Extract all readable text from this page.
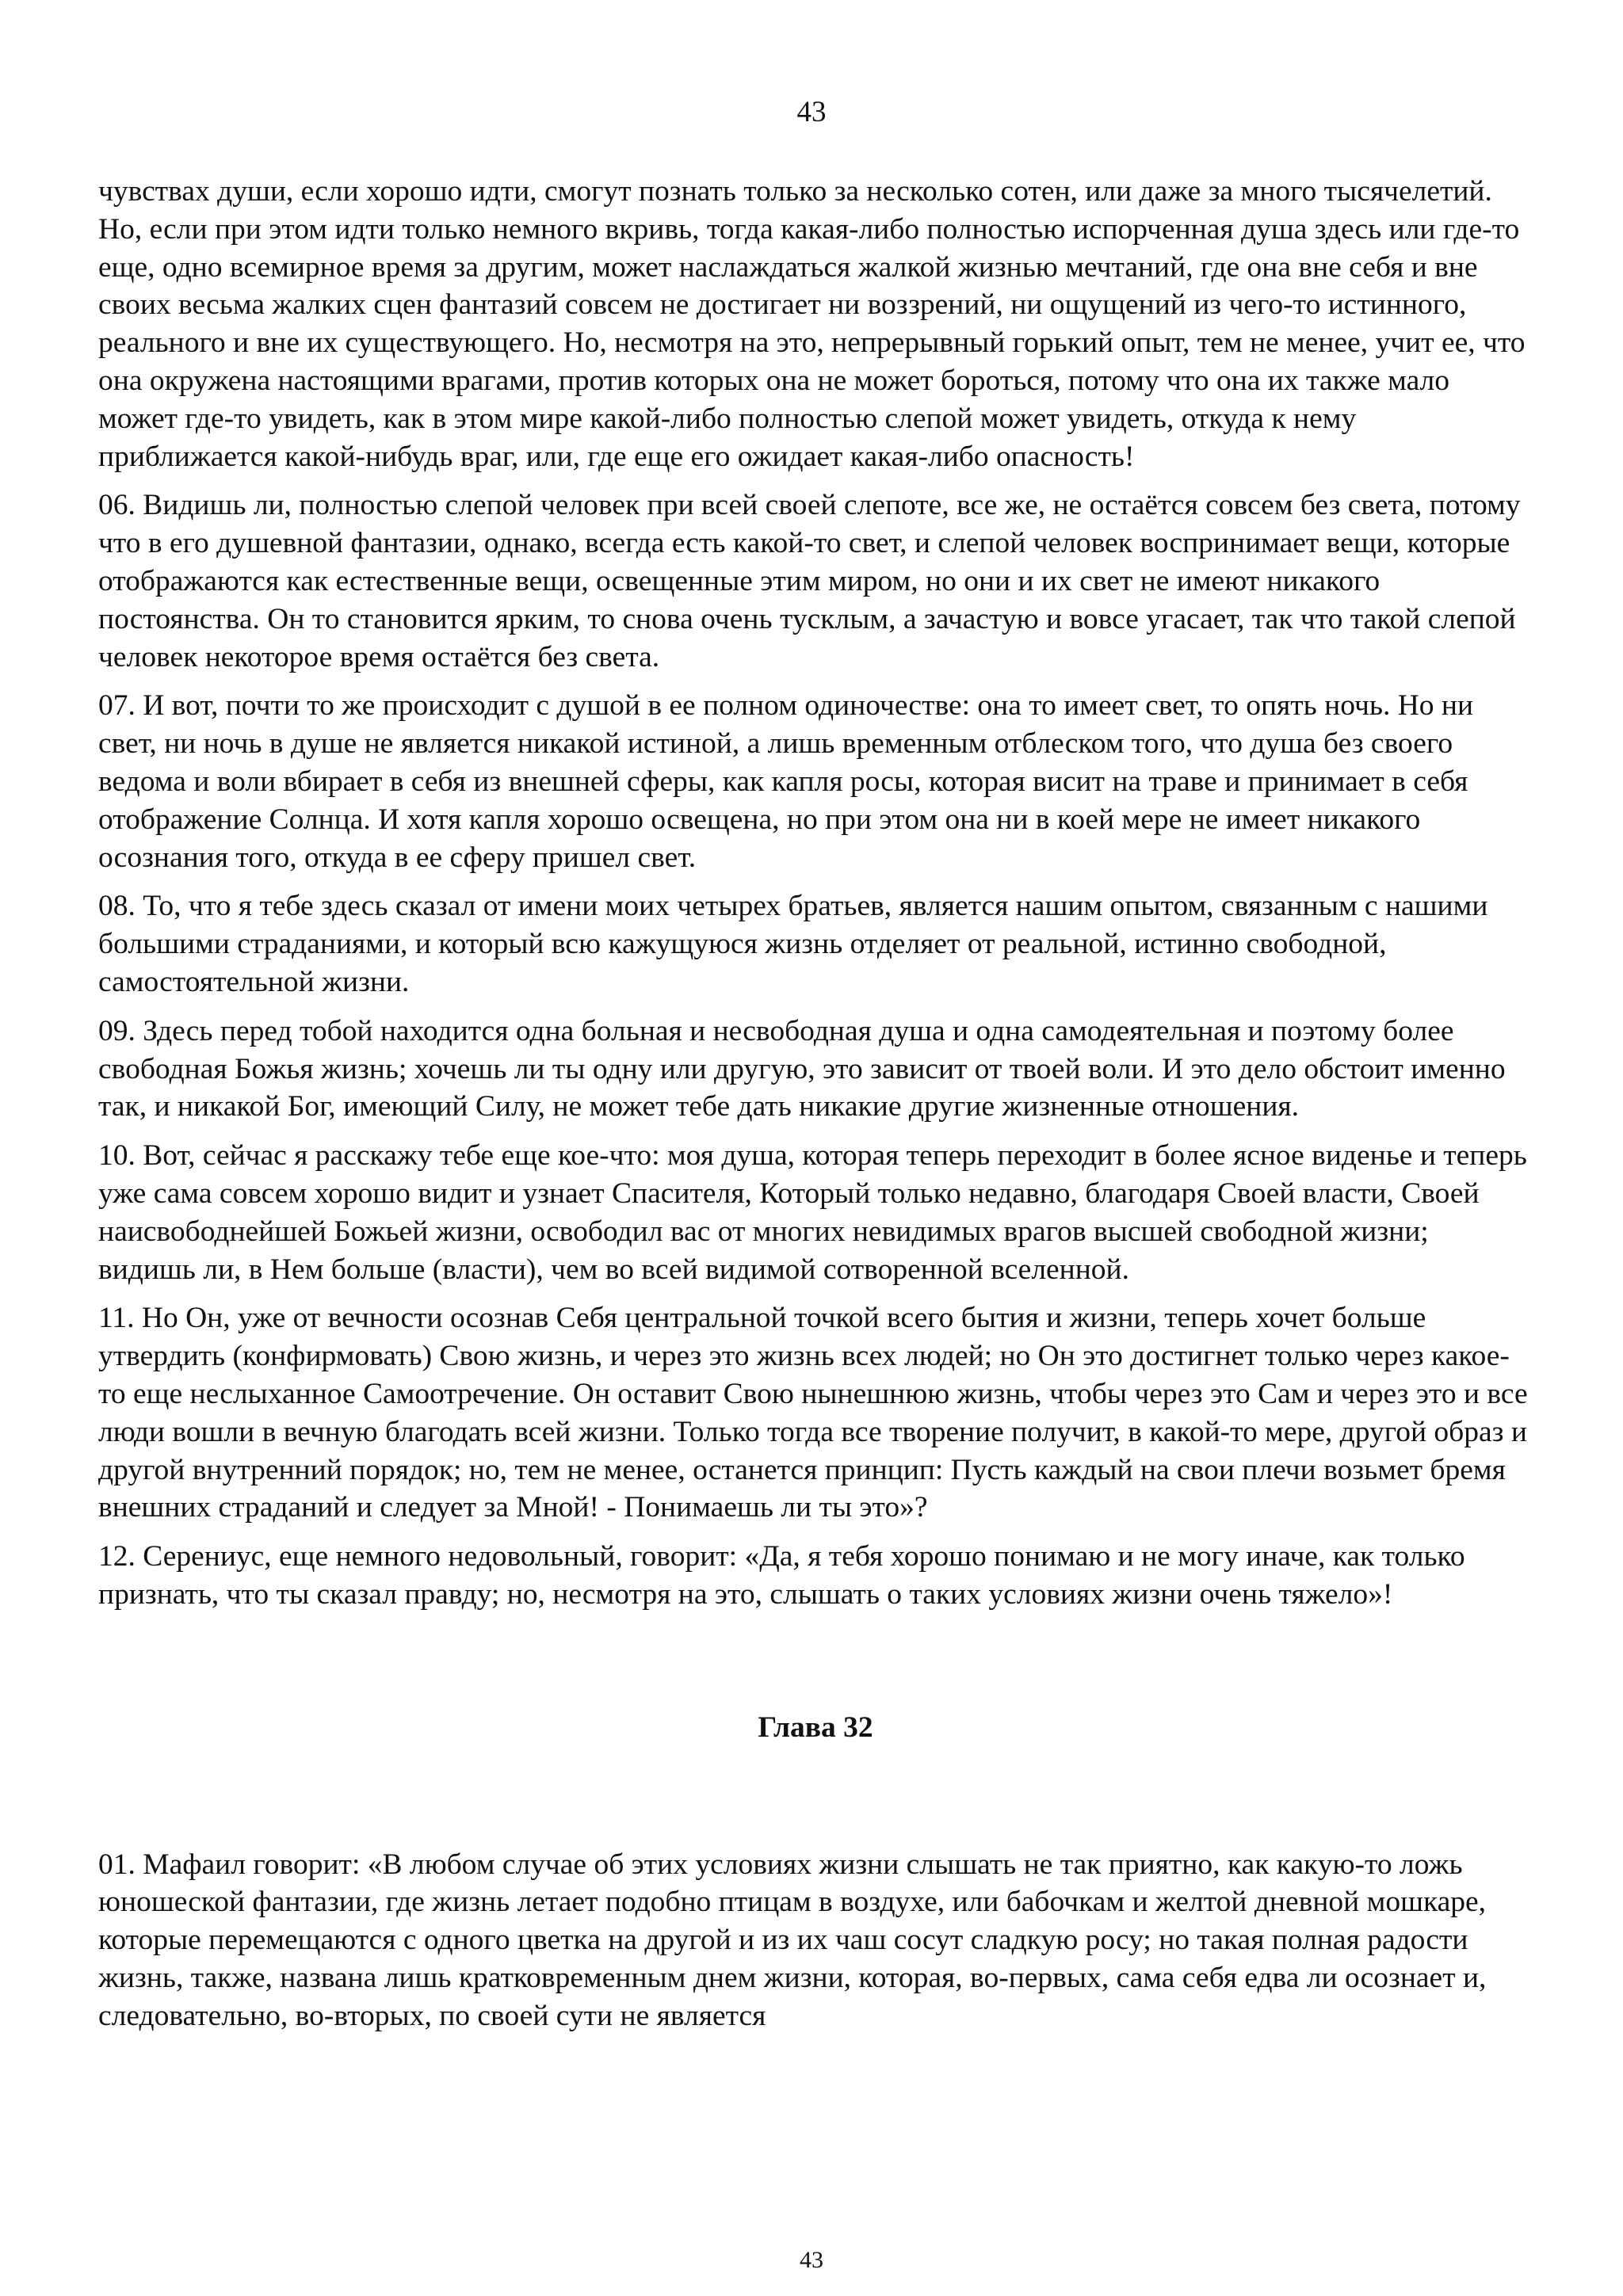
43

чувствах души, если хорошо идти, смогут познать только за несколько сотен, или даже за много тысячелетий. Но, если при этом идти только немного вкривь, тогда какая-либо полностью испорченная душа здесь или где-то еще, одно всемирное время за другим, может наслаждаться жалкой жизнью мечтаний, где она вне себя и вне своих весьма жалких сцен фантазий совсем не достигает ни воззрений, ни ощущений из чего-то истинного, реального и вне их существующего. Но, несмотря на это, непрерывный горький опыт, тем не менее, учит ее, что она окружена настоящими врагами, против которых она не может бороться, потому что она их также мало может где-то увидеть, как в этом мире какой-либо полностью слепой может увидеть, откуда к нему приближается какой-нибудь враг, или, где еще его ожидает какая-либо опасность!

06. Видишь ли, полностью слепой человек при всей своей слепоте, все же, не остаётся совсем без света, потому что в его душевной фантазии, однако, всегда есть какой-то свет, и слепой человек воспринимает вещи, которые отображаются как естественные вещи, освещенные этим миром, но они и их свет не имеют никакого постоянства. Он то становится ярким, то снова очень тусклым, а зачастую и вовсе угасает, так что такой слепой человек некоторое время остаётся без света.

07. И вот, почти то же происходит с душой в ее полном одиночестве: она то имеет свет, то опять ночь. Но ни свет, ни ночь в душе не является никакой истиной, а лишь временным отблеском того, что душа без своего ведома и воли вбирает в себя из внешней сферы, как капля росы, которая висит на траве и принимает в себя отображение Солнца. И хотя капля хорошо освещена, но при этом она ни в коей мере не имеет никакого осознания того, откуда в ее сферу пришел свет.

08. То, что я тебе здесь сказал от имени моих четырех братьев, является нашим опытом, связанным с нашими большими страданиями, и который всю кажущуюся жизнь отделяет от реальной, истинно свободной, самостоятельной жизни.

09. Здесь перед тобой находится одна больная и несвободная душа и одна самодеятельная и поэтому более свободная Божья жизнь; хочешь ли ты одну или другую, это зависит от твоей воли. И это дело обстоит именно так, и никакой Бог, имеющий Силу, не может тебе дать никакие другие жизненные отношения.

10. Вот, сейчас я расскажу тебе еще кое-что: моя душа, которая теперь переходит в более ясное виденье и теперь уже сама совсем хорошо видит и узнает Спасителя, Который только недавно, благодаря Своей власти, Своей наисвободнейшей Божьей жизни, освободил вас от многих невидимых врагов высшей свободной жизни; видишь ли, в Нем больше (власти), чем во всей видимой сотворенной вселенной.

11. Но Он, уже от вечности осознав Себя центральной точкой всего бытия и жизни, теперь хочет больше утвердить (конфирмовать) Свою жизнь, и через это жизнь всех людей; но Он это достигнет только через какое-то еще неслыханное Самоотречение. Он оставит Свою нынешнюю жизнь, чтобы через это Сам и через это и все люди вошли в вечную благодать всей жизни. Только тогда все творение получит, в какой-то мере, другой образ и другой внутренний порядок; но, тем не менее, останется принцип: Пусть каждый на свои плечи возьмет бремя внешних страданий и следует за Мной! - Понимаешь ли ты это»?

12. Серениус, еще немного недовольный, говорит: «Да, я тебя хорошо понимаю и не могу иначе, как только признать, что ты сказал правду; но, несмотря на это, слышать о таких условиях жизни очень тяжело»!

Глава 32

01. Мафаил говорит: «В любом случае об этих условиях жизни слышать не так приятно, как какую-то ложь юношеской фантазии, где жизнь летает подобно птицам в воздухе, или бабочкам и желтой дневной мошкаре, которые перемещаются с одного цветка на другой и из их чаш сосут сладкую росу; но такая полная радости жизнь, также, названа лишь кратковременным днем жизни, которая, во-первых, сама себя едва ли осознает и, следовательно, во-вторых, по своей сути не является

43
